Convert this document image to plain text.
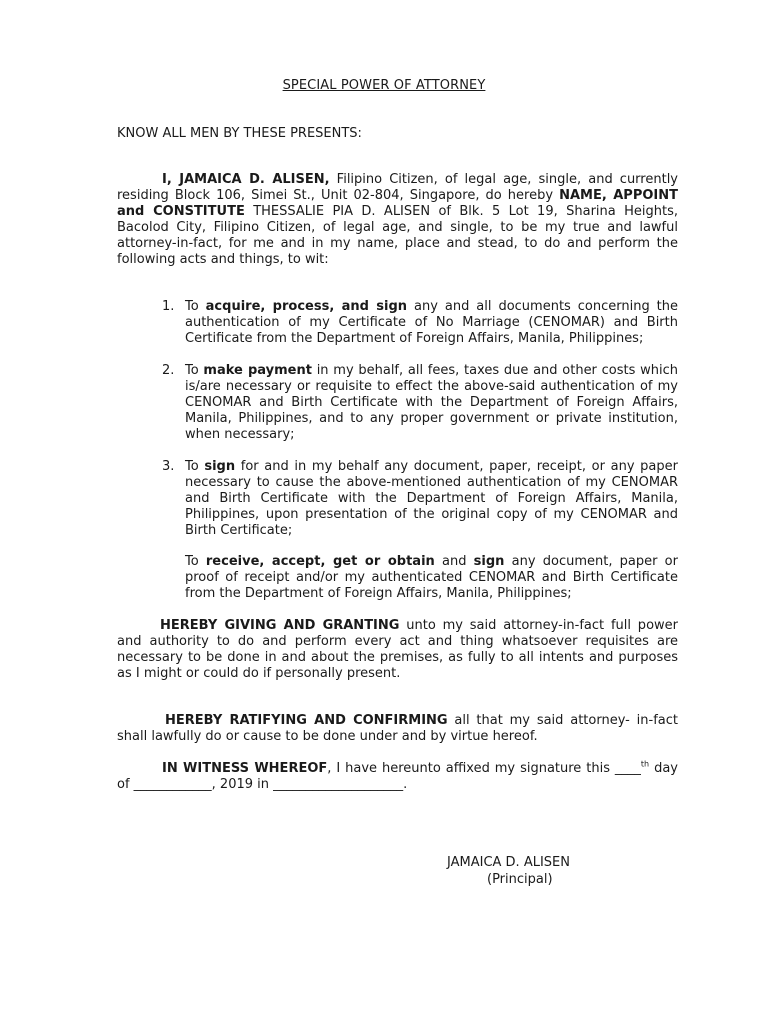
SPECIAL POWER OF ATTORNEY
KNOW ALL MEN BY THESE PRESENTS:
I, JAMAICA D. ALISEN, Filipino Citizen, of legal age, single, and currently residing Block 106, Simei St., Unit 02-804, Singapore, do hereby NAME, APPOINT and CONSTITUTE THESSALIE PIA D. ALISEN of Blk. 5 Lot 19, Sharina Heights, Bacolod City, Filipino Citizen, of legal age, and single, to be my true and lawful attorney-in-fact, for me and in my name, place and stead, to do and perform the following acts and things, to wit:
1. To acquire, process, and sign any and all documents concerning the authentication of my Certificate of No Marriage (CENOMAR) and Birth Certificate from the Department of Foreign Affairs, Manila, Philippines;
2. To make payment in my behalf, all fees, taxes due and other costs which is/are necessary or requisite to effect the above-said authentication of my CENOMAR and Birth Certificate with the Department of Foreign Affairs, Manila, Philippines, and to any proper government or private institution, when necessary;
3. To sign for and in my behalf any document, paper, receipt, or any paper necessary to cause the above-mentioned authentication of my CENOMAR and Birth Certificate with the Department of Foreign Affairs, Manila, Philippines, upon presentation of the original copy of my CENOMAR and Birth Certificate;
To receive, accept, get or obtain and sign any document, paper or proof of receipt and/or my authenticated CENOMAR and Birth Certificate from the Department of Foreign Affairs, Manila, Philippines;
HEREBY GIVING AND GRANTING unto my said attorney-in-fact full power and authority to do and perform every act and thing whatsoever requisites are necessary to be done in and about the premises, as fully to all intents and purposes as I might or could do if personally present.
HEREBY RATIFYING AND CONFIRMING all that my said attorney- in-fact shall lawfully do or cause to be done under and by virtue hereof.
IN WITNESS WHEREOF, I have hereunto affixed my signature this ____$^{th}$ day of ____________, 2019 in ____________________.
JAMAICA D. ALISEN
(Principal)
